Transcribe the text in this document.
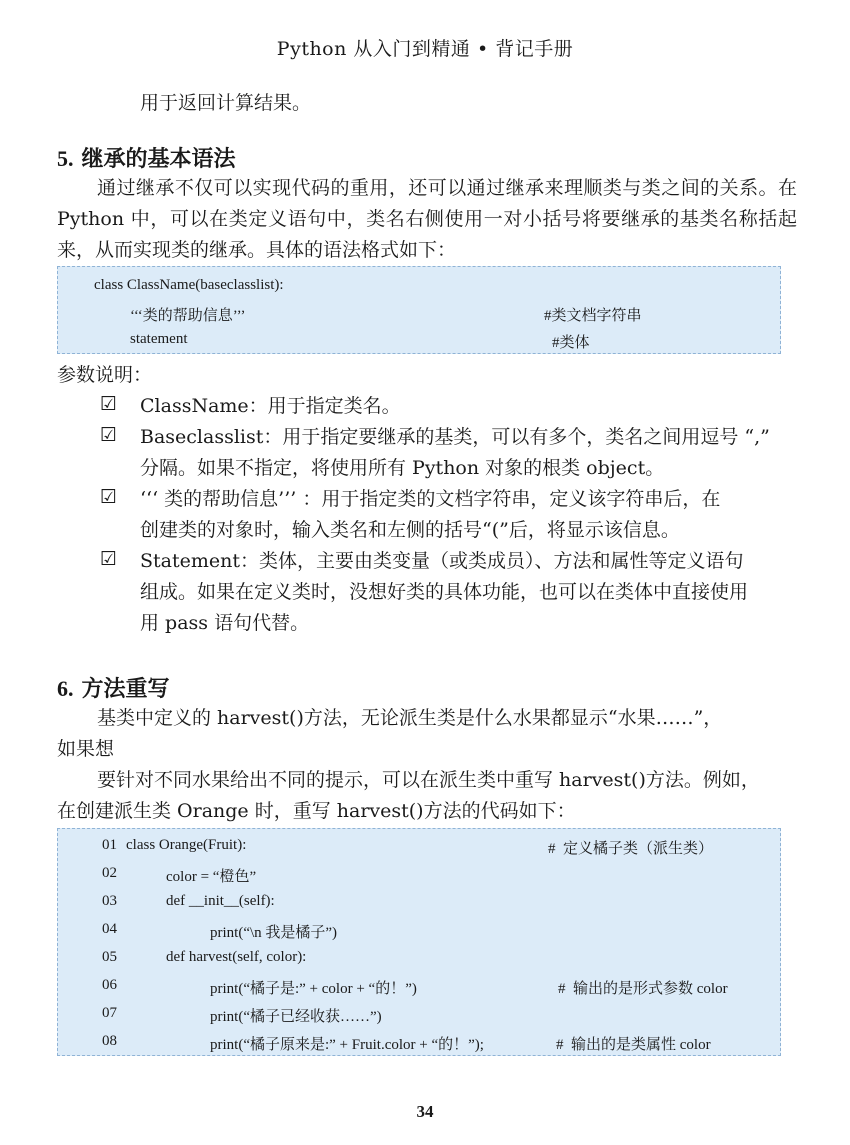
Python 从入门到精通 • 背记手册
用于返回计算结果。
5. 继承的基本语法
通过继承不仅可以实现代码的重用，还可以通过继承来理顺类与类之间的关系。在 Python 中，可以在类定义语句中，类名右侧使用一对小括号将要继承的基类名称括起来，从而实现类的继承。具体的语法格式如下：
class ClassName(baseclasslist):
‘‘‘类的帮助信息’’’	#类文档字符串
statement	#类体
参数说明：
☑ ClassName：用于指定类名。
☑ Baseclasslist：用于指定要继承的基类，可以有多个，类名之间用逗号 “,”
分隔。如果不指定，将使用所有 Python 对象的根类 object。
☑ ‘‘‘ 类的帮助信息’’’ ：用于指定类的文档字符串，定义该字符串后，在
创建类的对象时，输入类名和左侧的括号“(”后，将显示该信息。
☑ Statement：类体，主要由类变量（或类成员）、方法和属性等定义语句
组成。如果在定义类时，没想好类的具体功能，也可以在类体中直接使用
用 pass 语句代替。
6. 方法重写
基类中定义的 harvest()方法，无论派生类是什么水果都显示“水果……”，
如果想
要针对不同水果给出不同的提示，可以在派生类中重写 harvest()方法。例如，
在创建派生类 Orange 时，重写 harvest()方法的代码如下：
01 class Orange(Fruit):	#  定义橘子类（派生类）
02	color = “橙色”
03	def __init__(self):
04	print(“\n 我是橘子”)
05	def harvest(self, color):
06	print(“橘子是:” + color + “的！”)	#  输出的是形式参数 color
07	print(“橘子已经收获……”)
08	print(“橘子原来是:” + Fruit.color + “的！”);	#  输出的是类属性 color
34
